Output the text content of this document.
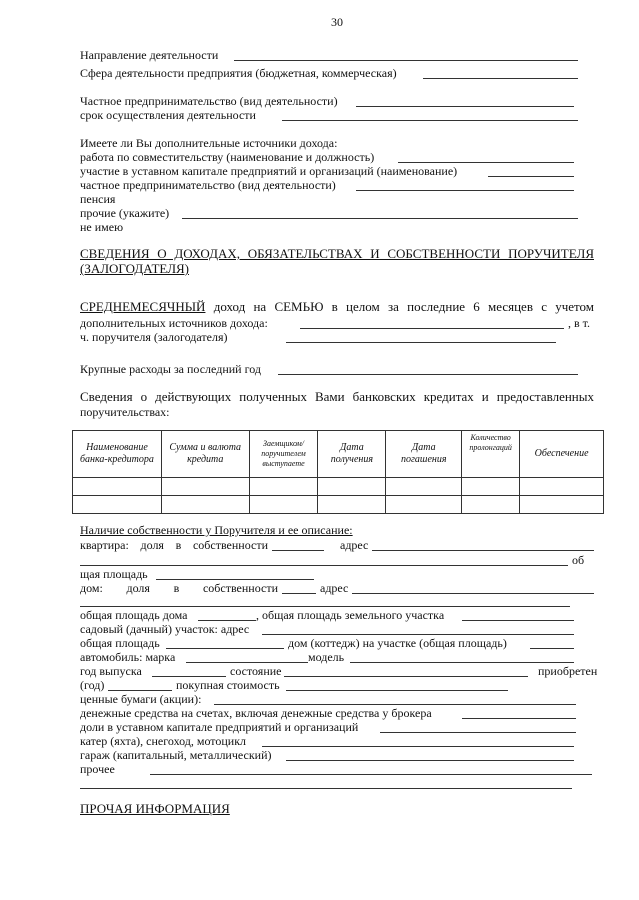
30
Направление деятельности
Сфера деятельности предприятия (бюджетная, коммерческая)
Частное предпринимательство (вид деятельности)
срок осуществления деятельности
Имеете ли Вы дополнительные источники дохода:
работа по совместительству (наименование и должность)
участие в уставном капитале предприятий и организаций (наименование)
частное предпринимательство (вид деятельности)
пенсия
прочие (укажите)
не имею
СВЕДЕНИЯ О ДОХОДАХ, ОБЯЗАТЕЛЬСТВАХ И СОБСТВЕННОСТИ ПОРУЧИТЕЛЯ
(ЗАЛОГОДАТЕЛЯ)
СРЕДНЕМЕСЯЧНЫЙ доход на СЕМЬЮ в целом за последние 6 месяцев с учетом
дополнительных источников дохода:	, в т.
ч. поручителя (залогодателя)
Крупные расходы за последний год
Сведения о действующих полученных Вами банковских кредитах и предоставленных
поручительствах:
Наименование банка-кредитора	Сумма и валюта кредита	Заемщиком/ поручителем выступаете	Дата получения	Дата погашения	Количество пролонгаций	Обеспечение

Наличие собственности у Поручителя и ее описание:
квартира: доля в собственности	адрес
об
щая площадь
дом: доля в собственности	адрес
общая площадь дома	, общая площадь земельного участка
садовый (дачный) участок: адрес
общая площадь	дом (коттедж) на участке (общая площадь)
автомобиль: марка	модель
год выпуска	состояние	приобретен
(год)	покупная стоимость
ценные бумаги (акции):
денежные средства на счетах, включая денежные средства у брокера
доли в уставном капитале предприятий и организаций
катер (яхта), снегоход, мотоцикл
гараж (капитальный, металлический)
прочее
ПРОЧАЯ ИНФОРМАЦИЯ
